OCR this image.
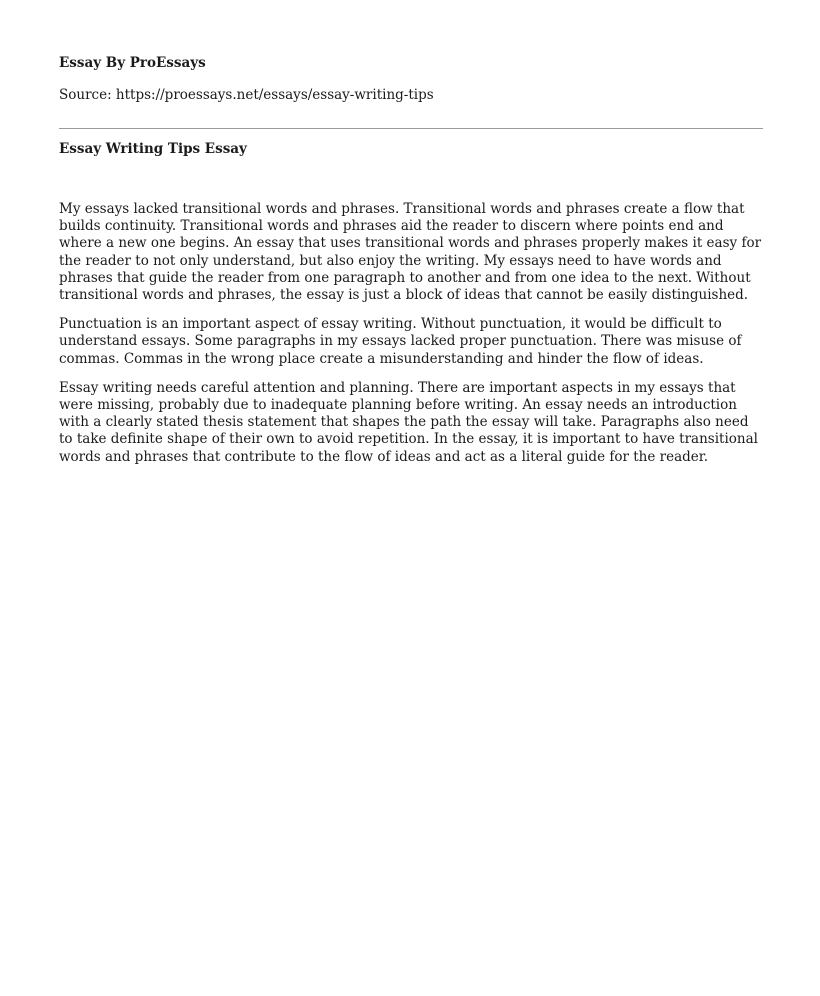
Essay By ProEssays
Source: https://proessays.net/essays/essay-writing-tips
Essay Writing Tips Essay

My essays lacked transitional words and phrases. Transitional words and phrases create a flow that builds continuity. Transitional words and phrases aid the reader to discern where points end and where a new one begins. An essay that uses transitional words and phrases properly makes it easy for the reader to not only understand, but also enjoy the writing. My essays need to have words and phrases that guide the reader from one paragraph to another and from one idea to the next. Without transitional words and phrases, the essay is just a block of ideas that cannot be easily distinguished.

Punctuation is an important aspect of essay writing. Without punctuation, it would be difficult to understand essays. Some paragraphs in my essays lacked proper punctuation. There was misuse of commas. Commas in the wrong place create a misunderstanding and hinder the flow of ideas.

Essay writing needs careful attention and planning. There are important aspects in my essays that were missing, probably due to inadequate planning before writing. An essay needs an introduction with a clearly stated thesis statement that shapes the path the essay will take. Paragraphs also need to take definite shape of their own to avoid repetition. In the essay, it is important to have transitional words and phrases that contribute to the flow of ideas and act as a literal guide for the reader.
